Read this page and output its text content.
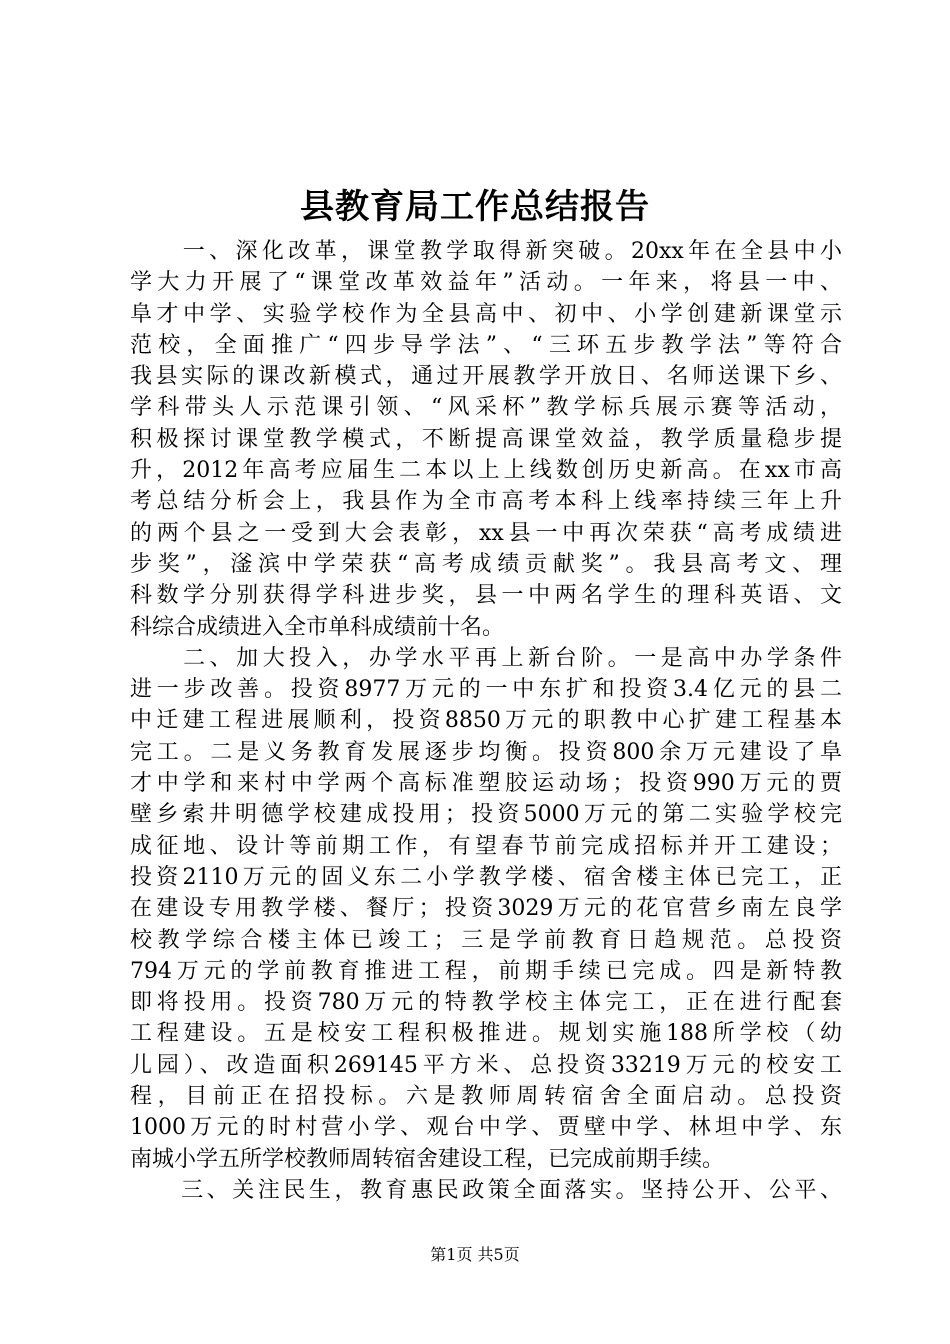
县教育局工作总结报告
　　一、深化改革，课堂教学取得新突破。20xx年在全县中小
学大力开展了“课堂改革效益年”活动。一年来，将县一中、
阜才中学、实验学校作为全县高中、初中、小学创建新课堂示
范校，全面推广“四步导学法”、“三环五步教学法”等符合
我县实际的课改新模式，通过开展教学开放日、名师送课下乡、
学科带头人示范课引领、“风采杯”教学标兵展示赛等活动，
积极探讨课堂教学模式，不断提高课堂效益，教学质量稳步提
升，2012年高考应届生二本以上上线数创历史新高。在xx市高
考总结分析会上，我县作为全市高考本科上线率持续三年上升
的两个县之一受到大会表彰，xx县一中再次荣获“高考成绩进
步奖”，滏滨中学荣获“高考成绩贡献奖”。我县高考文、理
科数学分别获得学科进步奖，县一中两名学生的理科英语、文
科综合成绩进入全市单科成绩前十名。
　　二、加大投入，办学水平再上新台阶。一是高中办学条件
进一步改善。投资8977万元的一中东扩和投资3.4亿元的县二
中迁建工程进展顺利，投资8850万元的职教中心扩建工程基本
完工。二是义务教育发展逐步均衡。投资800余万元建设了阜
才中学和来村中学两个高标准塑胶运动场；投资990万元的贾
壁乡索井明德学校建成投用；投资5000万元的第二实验学校完
成征地、设计等前期工作，有望春节前完成招标并开工建设；
投资2110万元的固义东二小学教学楼、宿舍楼主体已完工，正
在建设专用教学楼、餐厅；投资3029万元的花官营乡南左良学
校教学综合楼主体已竣工；三是学前教育日趋规范。总投资
794万元的学前教育推进工程，前期手续已完成。四是新特教
即将投用。投资780万元的特教学校主体完工，正在进行配套
工程建设。五是校安工程积极推进。规划实施188所学校（幼
儿园）、改造面积269145平方米、总投资33219万元的校安工
程，目前正在招投标。六是教师周转宿舍全面启动。总投资
1000万元的时村营小学、观台中学、贾壁中学、林坦中学、东
南城小学五所学校教师周转宿舍建设工程，已完成前期手续。
　　三、关注民生，教育惠民政策全面落实。坚持公开、公平、
第1页 共5页
